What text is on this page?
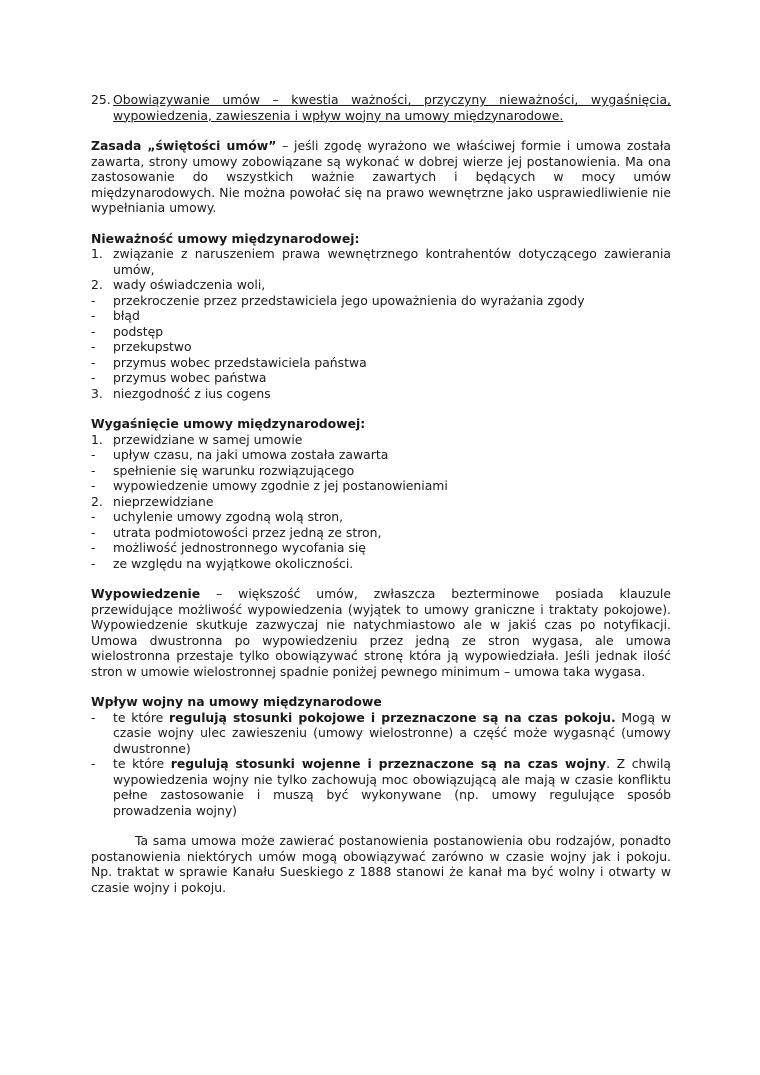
25. Obowiązywanie umów – kwestia ważności, przyczyny nieważności, wygaśnięcia, wypowiedzenia, zawieszenia i wpływ wojny na umowy międzynarodowe.

Zasada „świętości umów” – jeśli zgodę wyrażono we właściwej formie i umowa została zawarta, strony umowy zobowiązane są wykonać w dobrej wierze jej postanowienia. Ma ona zastosowanie do wszystkich ważnie zawartych i będących w mocy umów międzynarodowych. Nie można powołać się na prawo wewnętrzne jako usprawiedliwienie nie wypełniania umowy.

Nieważność umowy międzynarodowej:

1. związanie z naruszeniem prawa wewnętrznego kontrahentów dotyczącego zawierania umów,
2. wady oświadczenia woli,
-	przekroczenie przez przedstawiciela jego upoważnienia do wyrażania zgody
-	błąd
-	podstęp
-	przekupstwo
-	przymus wobec przedstawiciela państwa
-	przymus wobec państwa
3. niezgodność z ius cogens

Wygaśnięcie umowy międzynarodowej:

1. przewidziane w samej umowie
-	upływ czasu, na jaki umowa została zawarta
-	spełnienie się warunku rozwiązującego
-	wypowiedzenie umowy zgodnie z jej postanowieniami
2. nieprzewidziane
-	uchylenie umowy zgodną wolą stron,
-	utrata podmiotowości przez jedną ze stron,
-	możliwość jednostronnego wycofania się
-	ze względu na wyjątkowe okoliczności.

Wypowiedzenie – większość umów, zwłaszcza bezterminowe posiada klauzule przewidujące możliwość wypowiedzenia (wyjątek to umowy graniczne i traktaty pokojowe). Wypowiedzenie skutkuje zazwyczaj nie natychmiastowo ale w jakiś czas po notyfikacji. Umowa dwustronna po wypowiedzeniu przez jedną ze stron wygasa, ale umowa wielostronna przestaje tylko obowiązywać stronę która ją wypowiedziała. Jeśli jednak ilość stron w umowie wielostronnej spadnie poniżej pewnego minimum – umowa taka wygasa.

Wpływ wojny na umowy międzynarodowe

-	te które regulują stosunki pokojowe i przeznaczone są na czas pokoju. Mogą w czasie wojny ulec zawieszeniu (umowy wielostronne) a część może wygasnąć (umowy dwustronne)
-	te które regulują stosunki wojenne i przeznaczone są na czas wojny. Z chwilą wypowiedzenia wojny nie tylko zachowują moc obowiązującą ale mają w czasie konfliktu pełne zastosowanie i muszą być wykonywane (np. umowy regulujące sposób prowadzenia wojny)

Ta sama umowa może zawierać postanowienia postanowienia obu rodzajów, ponadto postanowienia niektórych umów mogą obowiązywać zarówno w czasie wojny jak i pokoju. Np. traktat w sprawie Kanału Sueskiego z 1888 stanowi że kanał ma być wolny i otwarty w czasie wojny i pokoju.
